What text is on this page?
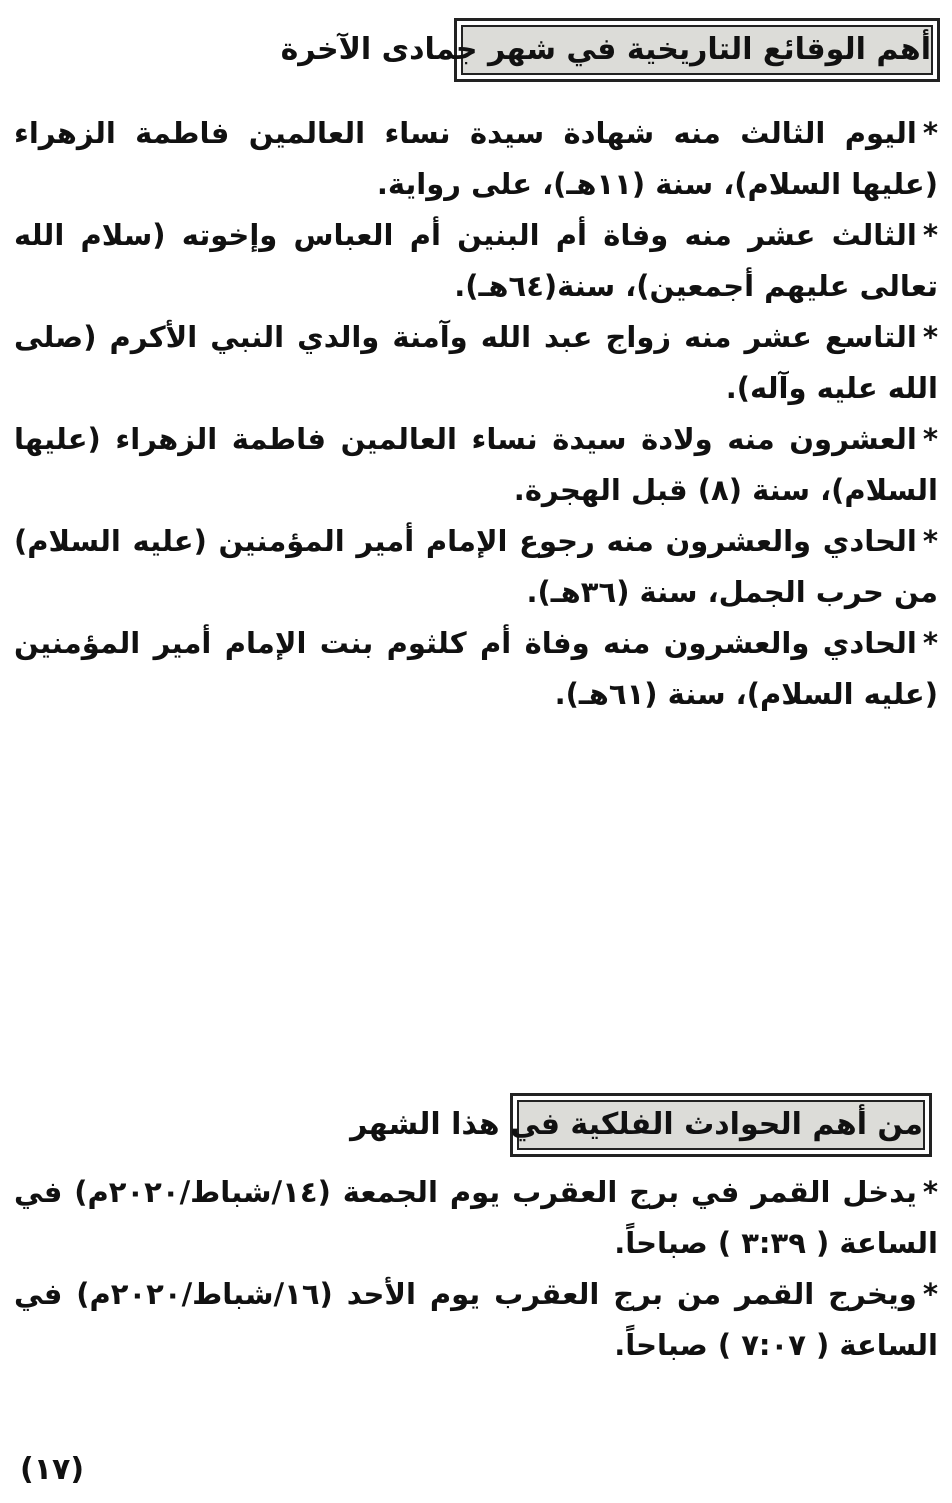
أهم الوقائع التاريخية في شهر جمادى الآخرة
*اليوم الثالث منه شهادة سيدة نساء العالمين فاطمة الزهراء (عليها السلام)، سنة (١١هـ)، على رواية.
*الثالث عشر منه وفاة أم البنين أم العباس وإخوته (سلام الله تعالى عليهم أجمعين)، سنة(٦٤هـ).
*التاسع عشر منه زواج عبد الله وآمنة والدي النبي الأكرم (صلى الله عليه وآله).
*العشرون منه ولادة سيدة نساء العالمين فاطمة الزهراء (عليها السلام)، سنة (٨) قبل الهجرة.
*الحادي والعشرون منه رجوع الإمام أمير المؤمنين (عليه السلام) من حرب الجمل، سنة (٣٦هـ).
*الحادي والعشرون منه وفاة أم كلثوم بنت الإمام أمير المؤمنين (عليه السلام)، سنة (٦١هـ).
من أهم الحوادث الفلكية في هذا الشهر
*يدخل القمر في برج العقرب يوم الجمعة (١٤/شباط/٢٠٢٠م) في الساعة ( ٣:٣٩ ) صباحاً.
*ويخرج القمر من برج العقرب يوم الأحد (١٦/شباط/٢٠٢٠م) في الساعة ( ٧:٠٧ ) صباحاً.
(١٧)
